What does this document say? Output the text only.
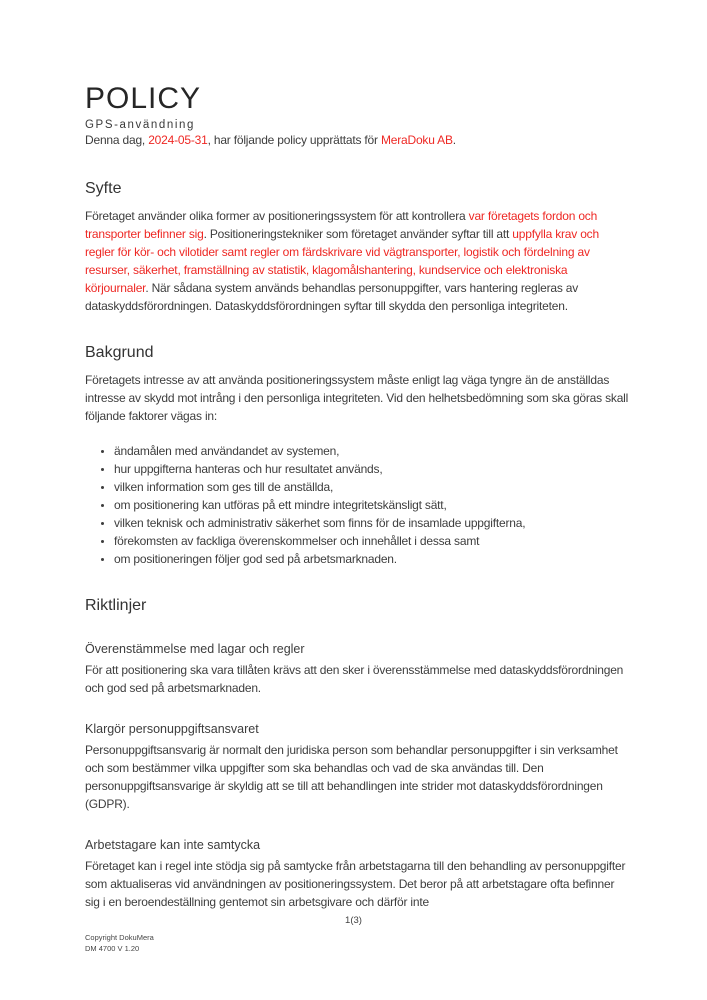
POLICY
GPS-användning

Denna dag, 2024-05-31, har följande policy upprättats för MeraDoku AB.

Syfte

Företaget använder olika former av positioneringssystem för att kontrollera var företagets fordon och transporter befinner sig. Positioneringstekniker som företaget använder syftar till att uppfylla krav och regler för kör- och vilotider samt regler om färdskrivare vid vägtransporter, logistik och fördelning av resurser, säkerhet, framställning av statistik, klagomålshantering, kundservice och elektroniska körjournaler. När sådana system används behandlas personuppgifter, vars hantering regleras av dataskyddsförordningen. Dataskyddsförordningen syftar till skydda den personliga integriteten.

Bakgrund

Företagets intresse av att använda positioneringssystem måste enligt lag väga tyngre än de anställdas intresse av skydd mot intrång i den personliga integriteten. Vid den helhetsbedömning som ska göras skall följande faktorer vägas in:

• ändamålen med användandet av systemen,
• hur uppgifterna hanteras och hur resultatet används,
• vilken information som ges till de anställda,
• om positionering kan utföras på ett mindre integritetskänsligt sätt,
• vilken teknisk och administrativ säkerhet som finns för de insamlade uppgifterna,
• förekomsten av fackliga överenskommelser och innehållet i dessa samt
• om positioneringen följer god sed på arbetsmarknaden.
Riktlinjer
Överenstämmelse med lagar och regler

För att positionering ska vara tillåten krävs att den sker i överensstämmelse med dataskyddsförordningen och god sed på arbetsmarknaden.

Klargör personuppgiftsansvaret

Personuppgiftsansvarig är normalt den juridiska person som behandlar personuppgifter i sin verksamhet och som bestämmer vilka uppgifter som ska behandlas och vad de ska användas till. Den personuppgiftsansvarige är skyldig att se till att behandlingen inte strider mot dataskyddsförordningen (GDPR).

Arbetstagare kan inte samtycka

Företaget kan i regel inte stödja sig på samtycke från arbetstagarna till den behandling av personuppgifter som aktualiseras vid användningen av positioneringssystem. Det beror på att arbetstagare ofta befinner sig i en beroendeställning gentemot sin arbetsgivare och därför inte

1(3)
Copyright DokuMera
DM 4700 V 1.20
